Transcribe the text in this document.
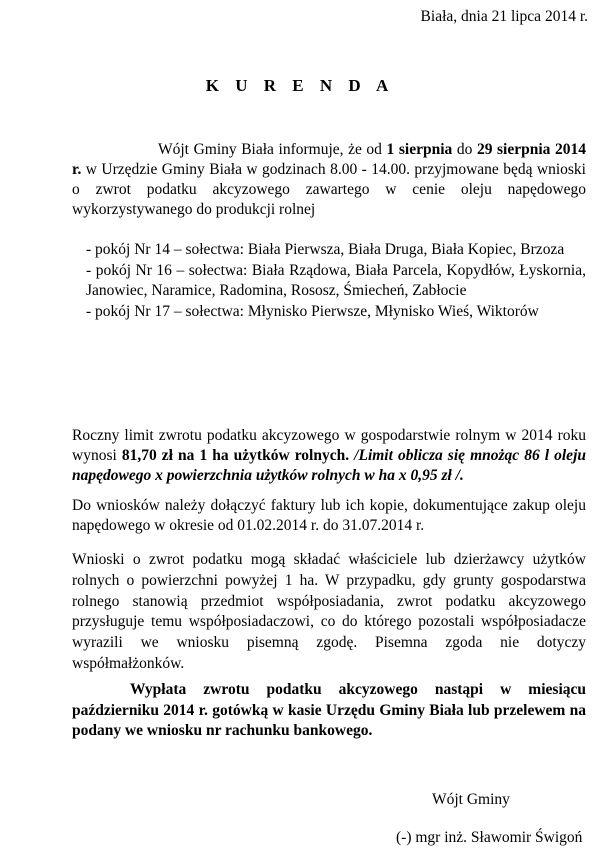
Biała, dnia 21 lipca 2014 r.
K U R E N D A

Wójt Gminy Biała informuje, że od 1 sierpnia do 29 sierpnia 2014 r. w Urzędzie Gminy Biała w godzinach 8.00 - 14.00. przyjmowane będą wnioski o zwrot podatku akcyzowego zawartego w cenie oleju napędowego wykorzystywanego do produkcji rolnej

- pokój Nr 14 – sołectwa: Biała Pierwsza, Biała Druga, Biała Kopiec, Brzoza

- pokój Nr 16 – sołectwa: Biała Rządowa, Biała Parcela, Kopydłów, Łyskornia, Janowiec, Naramice, Radomina, Rososz, Śmiecheń, Zabłocie

- pokój Nr 17 – sołectwa: Młynisko Pierwsze, Młynisko Wieś, Wiktorów

Roczny limit zwrotu podatku akcyzowego w gospodarstwie rolnym w 2014 roku wynosi 81,70 zł na 1 ha użytków rolnych. /Limit oblicza się mnożąc 86 l oleju napędowego x powierzchnia użytków rolnych w ha x 0,95 zł /.

Do wniosków należy dołączyć faktury lub ich kopie, dokumentujące zakup oleju napędowego w okresie od 01.02.2014 r. do 31.07.2014 r.

Wnioski o zwrot podatku mogą składać właściciele lub dzierżawcy użytków rolnych o powierzchni powyżej 1 ha. W przypadku, gdy grunty gospodarstwa rolnego stanowią przedmiot współposiadania, zwrot podatku akcyzowego przysługuje temu współposiadaczowi, co do którego pozostali współposiadacze wyrazili we wniosku pisemną zgodę. Pisemna zgoda nie dotyczy współmałżonków.

Wypłata zwrotu podatku akcyzowego nastąpi w miesiącu październiku 2014 r. gotówką w kasie Urzędu Gminy Biała lub przelewem na podany we wniosku nr rachunku bankowego.

Wójt Gminy
(-) mgr inż. Sławomir Świgoń
